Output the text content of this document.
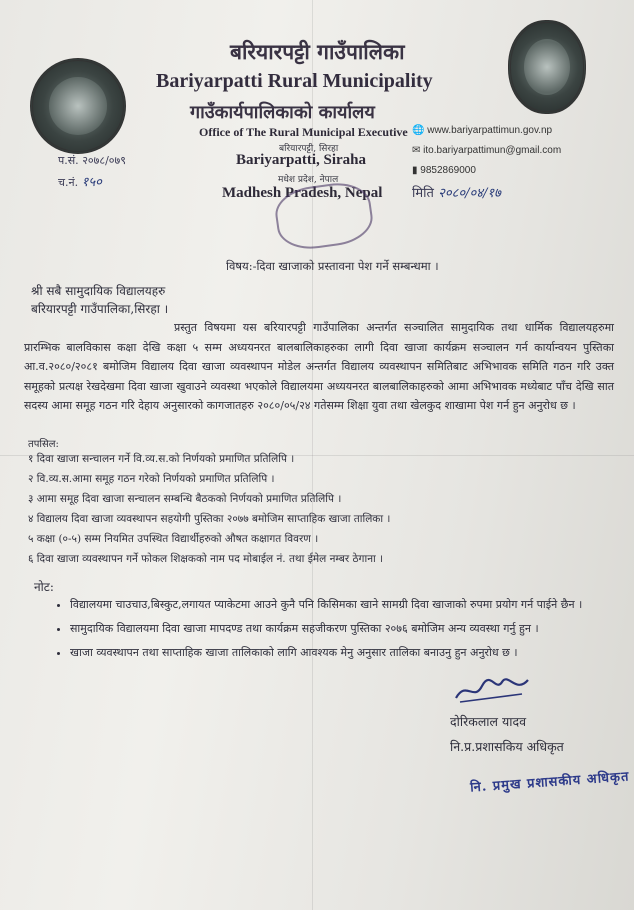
बरियारपट्टी गाउँपालिका
Bariyarpatti Rural Municipality
गाउँकार्यपालिकाको कार्यालय
Office of The Rural Municipal Executive
बरियारपट्टी, सिरहा
Bariyarpatti, Siraha
मधेश प्रदेश, नेपाल
Madhesh Pradesh, Nepal
🌐 www.bariyarpattimun.gov.np
✉ ito.bariyarpattimun@gmail.com
▮ 9852869000
मिति २०८०/०४/१७
प.सं. २०७८/०७९
च.नं. १५०
विषय:-दिवा खाजाको प्रस्तावना पेश गर्ने सम्बन्धमा ।
श्री सबै सामुदायिक विद्यालयहरु
बरियारपट्टी गाउँपालिका,सिरहा ।
प्रस्तुत विषयमा यस बरियारपट्टी गाउँपालिका अन्तर्गत सञ्चालित सामुदायिक तथा धार्मिक विद्यालयहरुमा प्रारम्भिक बालविकास कक्षा देखि कक्षा ५ सम्म अध्ययनरत बालबालिकाहरुका लागी दिवा खाजा कार्यक्रम सञ्चालन गर्न कार्यान्वयन पुस्तिका आ.व.२०८०/२०८१ बमोजिम विद्यालय दिवा खाजा व्यवस्थापन मोडेल अन्तर्गत विद्यालय व्यवस्थापन समितिबाट अभिभावक समिति गठन गरि उक्त समूहको प्रत्यक्ष रेखदेखमा दिवा खाजा खुवाउने व्यवस्था भएकोले विद्यालयमा अध्ययनरत बालबालिकाहरुको आमा अभिभावक मध्येबाट पाँच देखि सात सदस्य आमा समूह गठन गरि देहाय अनुसारको कागजातहरु २०८०/०५/२४ गतेसम्म शिक्षा युवा तथा खेलकुद शाखामा पेश गर्न हुन अनुरोध छ ।
तपसिल:
१ दिवा खाजा सन्चालन गर्ने वि.व्य.स.को निर्णयको प्रमाणित प्रतिलिपि ।
२ वि.व्य.स.आमा समूह गठन गरेको निर्णयको प्रमाणित प्रतिलिपि ।
३ आमा समूह दिवा खाजा सन्चालन सम्बन्धि बैठकको निर्णयको प्रमाणित प्रतिलिपि ।
४ विद्यालय दिवा खाजा व्यवस्थापन सहयोगी पुस्तिका २०७७ बमोजिम साप्ताहिक खाजा तालिका ।
५ कक्षा (०-५) सम्म नियमित उपस्थित विद्यार्थीहरुको औषत कक्षागत विवरण ।
६ दिवा खाजा व्यवस्थापन गर्ने फोकल शिक्षकको नाम पद मोबाईल नं. तथा ईमेल नम्बर ठेगाना ।
नोट:
• विद्यालयमा चाउचाउ,बिस्कुट,लगायत प्याकेटमा आउने कुनै पनि किसिमका खाने सामग्री दिवा खाजाको रुपमा प्रयोग गर्न पाईने छैन ।
• सामुदायिक विद्यालयमा दिवा खाजा मापदण्ड तथा कार्यक्रम सहजीकरण पुस्तिका २०७६ बमोजिम अन्य व्यवस्था गर्नु हुन ।
• खाजा व्यवस्थापन तथा साप्ताहिक खाजा तालिकाको लागि आवश्यक मेनु अनुसार तालिका बनाउनु हुन अनुरोध छ ।
दोरिकलाल यादव
नि.प्र.प्रशासकिय अधिकृत
नि. प्रमुख प्रशासकीय अधिकृत
